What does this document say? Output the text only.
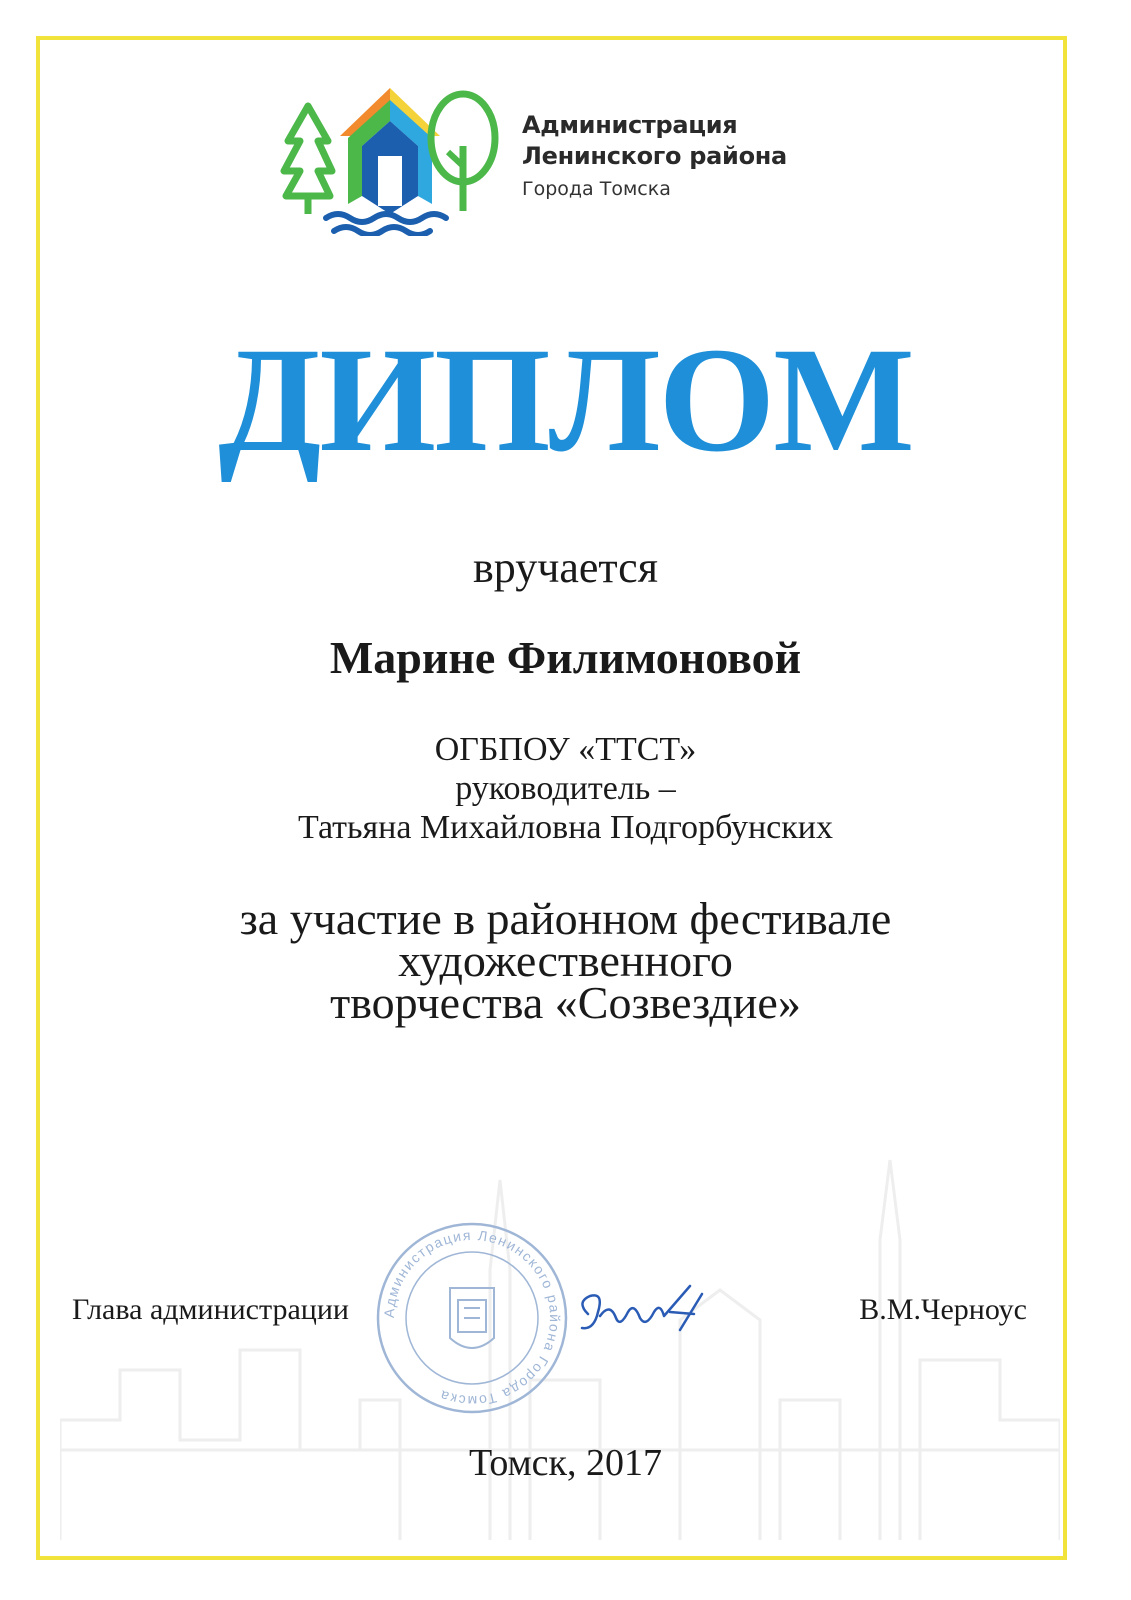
Администрация
Ленинского района
Города Томска
ДИПЛОМ
вручается
Марине Филимоновой
ОГБПОУ «ТТСТ»
руководитель –
Татьяна Михайловна Подгорбунских
за участие в районном фестивале
художественного
творчества «Созвездие»
Администрация Ленинского района Города Томска
Глава администрации	В.М.Черноус
Томск, 2017
